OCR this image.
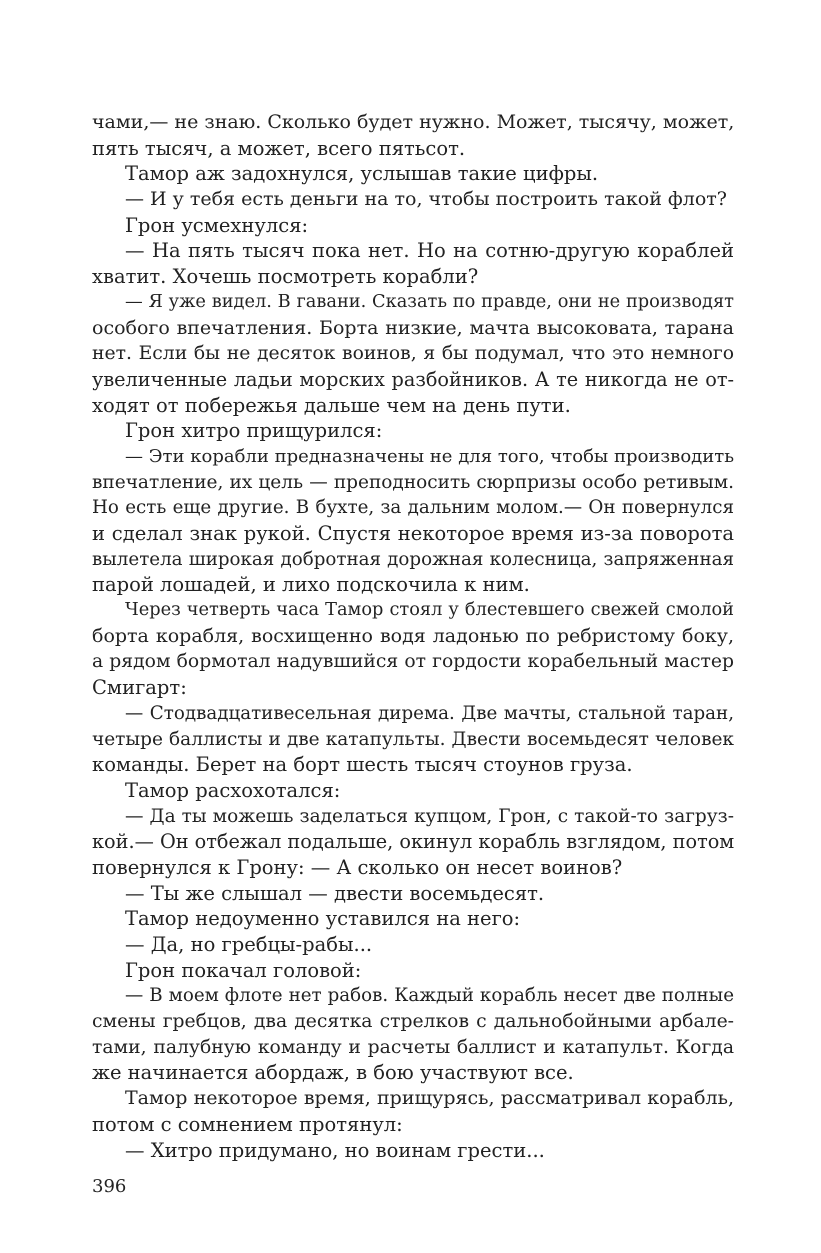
чами,— не знаю. Сколько будет нужно. Может, тысячу, может,
пять тысяч, а может, всего пятьсот.
Тамор аж задохнулся, услышав такие цифры.
— И у тебя есть деньги на то, чтобы построить такой флот?
Грон усмехнулся:
— На пять тысяч пока нет. Но на сотню-другую кораблей
хватит. Хочешь посмотреть корабли?
— Я уже видел. В гавани. Сказать по правде, они не производят
особого впечатления. Борта низкие, мачта высоковата, тарана
нет. Если бы не десяток воинов, я бы подумал, что это немного
увеличенные ладьи морских разбойников. А те никогда не от-
ходят от побережья дальше чем на день пути.
Грон хитро прищурился:
— Эти корабли предназначены не для того, чтобы производить
впечатление, их цель — преподносить сюрпризы особо ретивым.
Но есть еще другие. В бухте, за дальним молом.— Он повернулся
и сделал знак рукой. Спустя некоторое время из-за поворота
вылетела широкая добротная дорожная колесница, запряженная
парой лошадей, и лихо подскочила к ним.
Через четверть часа Тамор стоял у блестевшего свежей смолой
борта корабля, восхищенно водя ладонью по ребристому боку,
а рядом бормотал надувшийся от гордости корабельный мастер
Смигарт:
— Стодвадцативесельная дирема. Две мачты, стальной таран,
четыре баллисты и две катапульты. Двести восемьдесят человек
команды. Берет на борт шесть тысяч стоунов груза.
Тамор расхохотался:
— Да ты можешь заделаться купцом, Грон, с такой-то загруз-
кой.— Он отбежал подальше, окинул корабль взглядом, потом
повернулся к Грону: — А сколько он несет воинов?
— Ты же слышал — двести восемьдесят.
Тамор недоуменно уставился на него:
— Да, но гребцы-рабы...
Грон покачал головой:
— В моем флоте нет рабов. Каждый корабль несет две полные
смены гребцов, два десятка стрелков с дальнобойными арбале-
тами, палубную команду и расчеты баллист и катапульт. Когда
же начинается абордаж, в бою участвуют все.
Тамор некоторое время, прищурясь, рассматривал корабль,
потом с сомнением протянул:
— Хитро придумано, но воинам грести...
396
